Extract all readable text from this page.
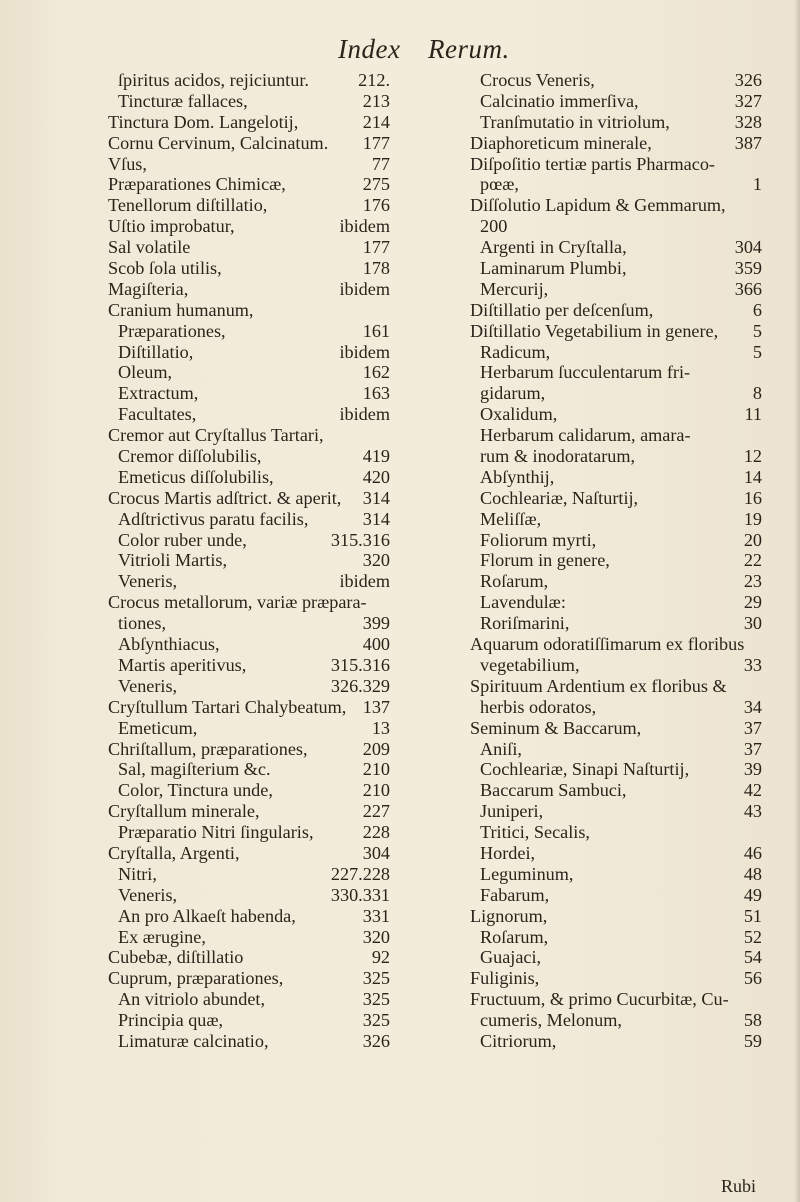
Index Rerum.
ſpiritus acidos, rejiciuntur.	212.
Tincturæ fallaces,	213
Tinctura Dom. Langelotij,	214
Cornu Cervinum, Calcinatum. 177
Vſus,	77
Præparationes Chimicæ,	275
Tenellorum diſtillatio,	176
Uſtio improbatur,	ibidem
Sal volatile	177
Scob ſola utilis,	178
Magiſteria,	ibidem
Cranium humanum,
Præparationes,	161
Diſtillatio,	ibidem
Oleum,	162
Extractum,	163
Facultates,	ibidem
Cremor aut Cryſtallus Tartari,
Cremor diſſolubilis,	419
Emeticus diſſolubilis,	420
Crocus Martis adſtrict. & aperit, 314
Adſtrictivus paratu facilis,	314
Color ruber unde,	315.316
Vitrioli Martis,	320
Veneris,	ibidem
Crocus metallorum, variæ præpara-
tiones,	399
Abſynthiacus,	400
Martis aperitivus,	315.316
Veneris,	326.329
Cryſtullum Tartari Chalybeatum, 137
Emeticum,	13
Chriſtallum, præparationes,	209
Sal, magiſterium &c.	210
Color, Tinctura unde,	210
Cryſtallum minerale,	227
Præparatio Nitri ſingularis,	228
Cryſtalla, Argenti,	304
Nitri,	227.228
Veneris,	330.331
An pro Alkaeſt habenda,	331
Ex ærugine,	320
Cubebæ, diſtillatio	92
Cuprum, præparationes,	325
An vitriolo abundet,	325
Principia quæ,	325
Limaturæ calcinatio,	326
Crocus Veneris,	326
Calcinatio immerſiva,	327
Tranſmutatio in vitriolum,	328
Diaphoreticum minerale,	387
Diſpoſitio tertiæ partis Pharmaco-
pœæ,	1
Diſſolutio Lapidum & Gemmarum,
200
Argenti in Cryſtalla,	304
Laminarum Plumbi,	359
Mercurij,	366
Diſtillatio per deſcenſum,	6
Diſtillatio Vegetabilium in genere, 5
Radicum,	5
Herbarum ſucculentarum fri-
gidarum,	8
Oxalidum,	11
Herbarum calidarum, amara-
rum & inodoratarum,	12
Abſynthij,	14
Cochleariæ, Naſturtij,	16
Meliſſæ,	19
Foliorum myrti,	20
Florum in genere,	22
Roſarum,	23
Lavendulæ:	29
Roriſmarini,	30
Aquarum odoratiſſimarum ex floribus
vegetabilium,	33
Spirituum Ardentium ex floribus &
herbis odoratos,	34
Seminum & Baccarum,	37
Aniſi,	37
Cochleariæ, Sinapi Naſturtij,	39
Baccarum Sambuci,	42
Juniperi,	43
Tritici, Secalis,
Hordei,	46
Leguminum,	48
Fabarum,	49
Lignorum,	51
Roſarum,	52
Guajaci,	54
Fuliginis,	56
Fructuum, & primo Cucurbitæ, Cu-
cumeris, Melonum,	58
Citriorum,	59
Rubi
